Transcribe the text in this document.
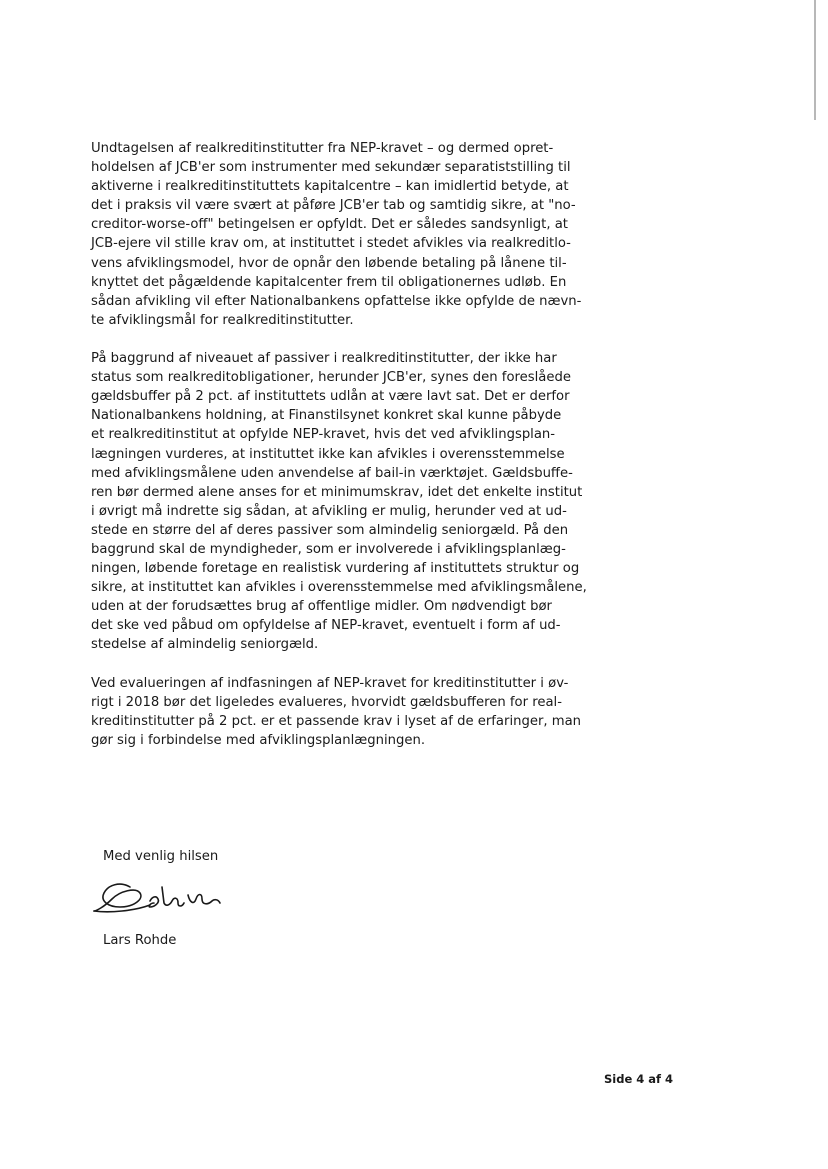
Undtagelsen af realkreditinstitutter fra NEP-kravet – og dermed opret-
holdelsen af JCB'er som instrumenter med sekundær separatiststilling til
aktiverne i realkreditinstituttets kapitalcentre – kan imidlertid betyde, at
det i praksis vil være svært at påføre JCB'er tab og samtidig sikre, at "no-
creditor-worse-off" betingelsen er opfyldt. Det er således sandsynligt, at
JCB-ejere vil stille krav om, at instituttet i stedet afvikles via realkreditlo-
vens afviklingsmodel, hvor de opnår den løbende betaling på lånene til-
knyttet det pågældende kapitalcenter frem til obligationernes udløb. En
sådan afvikling vil efter Nationalbankens opfattelse ikke opfylde de nævn-
te afviklingsmål for realkreditinstitutter.

På baggrund af niveauet af passiver i realkreditinstitutter, der ikke har
status som realkreditobligationer, herunder JCB'er, synes den foreslåede
gældsbuffer på 2 pct. af instituttets udlån at være lavt sat. Det er derfor
Nationalbankens holdning, at Finanstilsynet konkret skal kunne påbyde
et realkreditinstitut at opfylde NEP-kravet, hvis det ved afviklingsplan-
lægningen vurderes, at instituttet ikke kan afvikles i overensstemmelse
med afviklingsmålene uden anvendelse af bail-in værktøjet. Gældsbuffe-
ren bør dermed alene anses for et minimumskrav, idet det enkelte institut
i øvrigt må indrette sig sådan, at afvikling er mulig, herunder ved at ud-
stede en større del af deres passiver som almindelig seniorgæld. På den
baggrund skal de myndigheder, som er involverede i afviklingsplanlæg-
ningen, løbende foretage en realistisk vurdering af instituttets struktur og
sikre, at instituttet kan afvikles i overensstemmelse med afviklingsmålene,
uden at der forudsættes brug af offentlige midler. Om nødvendigt bør
det ske ved påbud om opfyldelse af NEP-kravet, eventuelt i form af ud-
stedelse af almindelig seniorgæld.

Ved evalueringen af indfasningen af NEP-kravet for kreditinstitutter i øv-
rigt i 2018 bør det ligeledes evalueres, hvorvidt gældsbufferen for real-
kreditinstitutter på 2 pct. er et passende krav i lyset af de erfaringer, man
gør sig i forbindelse med afviklingsplanlægningen.

Med venlig hilsen
Lars Rohde
Side 4 af 4
